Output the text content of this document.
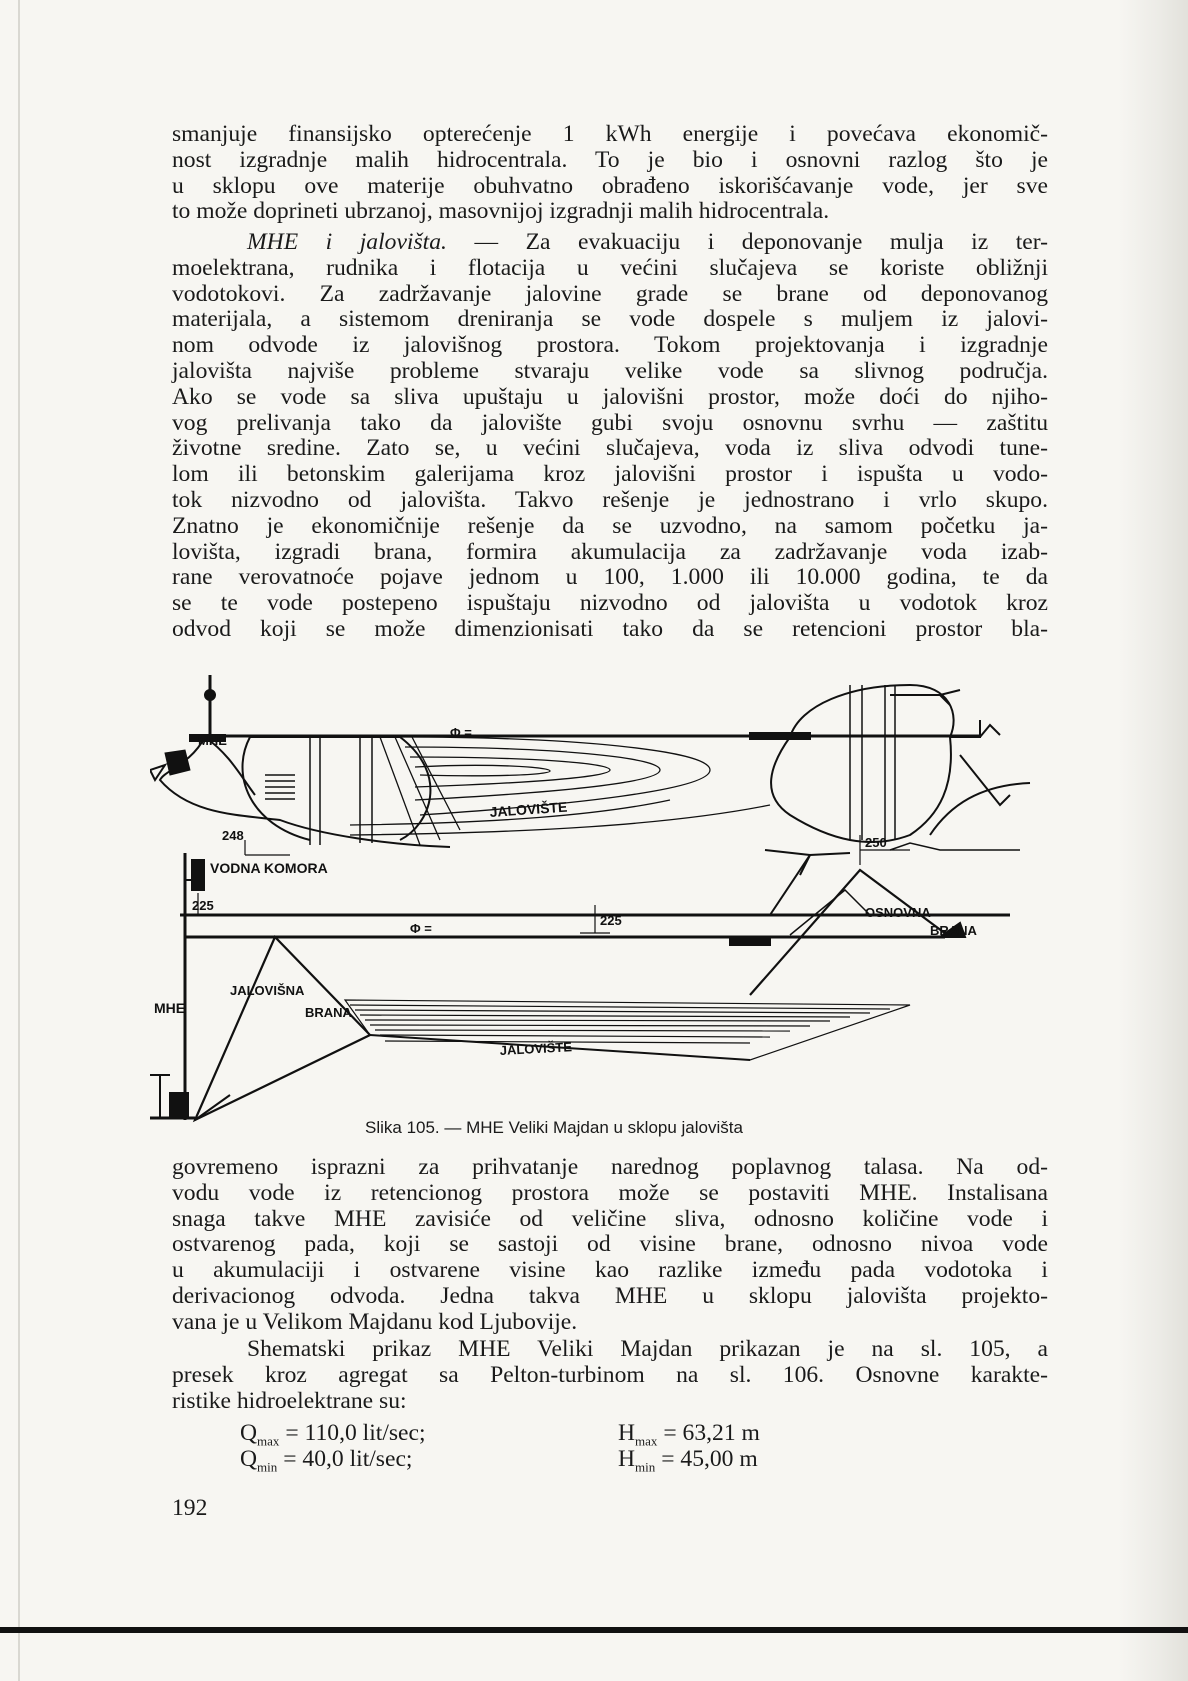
smanjuje finansijsko opterećenje 1 kWh energije i povećava ekonomič-
nost izgradnje malih hidrocentrala. To je bio i osnovni razlog što je
u sklopu ove materije obuhvatno obrađeno iskorišćavanje vode, jer sve
to može doprineti ubrzanoj, masovnijoj izgradnji malih hidrocentrala.

MHE i jalovišta. — Za evakuaciju i deponovanje mulja iz ter-
moelektrana, rudnika i flotacija u većini slučajeva se koriste obližnji
vodotokovi. Za zadržavanje jalovine grade se brane od deponovanog
materijala, a sistemom dreniranja se vode dospele s muljem iz jalovi-
nom odvode iz jalovišnog prostora. Tokom projektovanja i izgradnje
jalovišta najviše probleme stvaraju velike vode sa slivnog područja.
Ako se vode sa sliva upuštaju u jalovišni prostor, može doći do njiho-
vog prelivanja tako da jalovište gubi svoju osnovnu svrhu — zaštitu
životne sredine. Zato se, u većini slučajeva, voda iz sliva odvodi tune-
lom ili betonskim galerijama kroz jalovišni prostor i ispušta u vodo-
tok nizvodno od jalovišta. Takvo rešenje je jednostrano i vrlo skupo.
Znatno je ekonomičnije rešenje da se uzvodno, na samom početku ja-
lovišta, izgradi brana, formira akumulacija za zadržavanje voda izab-
rane verovatnoće pojave jednom u 100, 1.000 ili 10.000 godina, te da
se te vode postepeno ispuštaju nizvodno od jalovišta u vodotok kroz
odvod koji se može dimenzionisati tako da se retencioni prostor bla-

MHE
Φ =
JALOVIŠTE
248
VODNA KOMORA
225
Φ =
225
250
OSNOVNA
BRANA
JALOVIŠNA
BRANA
MHE
JALOVIŠTE
Slika 105. — MHE Veliki Majdan u sklopu jalovišta

govremeno isprazni za prihvatanje narednog poplavnog talasa. Na od-
vodu vode iz retencionog prostora može se postaviti MHE. Instalisana
snaga takve MHE zavisiće od veličine sliva, odnosno količine vode i
ostvarenog pada, koji se sastoji od visine brane, odnosno nivoa vode
u akumulaciji i ostvarene visine kao razlike između pada vodotoka i
derivacionog odvoda. Jedna takva MHE u sklopu jalovišta projekto-
vana je u Velikom Majdanu kod Ljubovije.

Shematski prikaz MHE Veliki Majdan prikazan je na sl. 105, a
presek kroz agregat sa Pelton-turbinom na sl. 106. Osnovne karakte-
ristike hidroelektrane su:

$Q_{max} = 110,0$ lit/sec;
$Q_{min} = 40,0$ lit/sec;
$H_{max} = 63,21$ m
$H_{min} = 45,00$ m
192
